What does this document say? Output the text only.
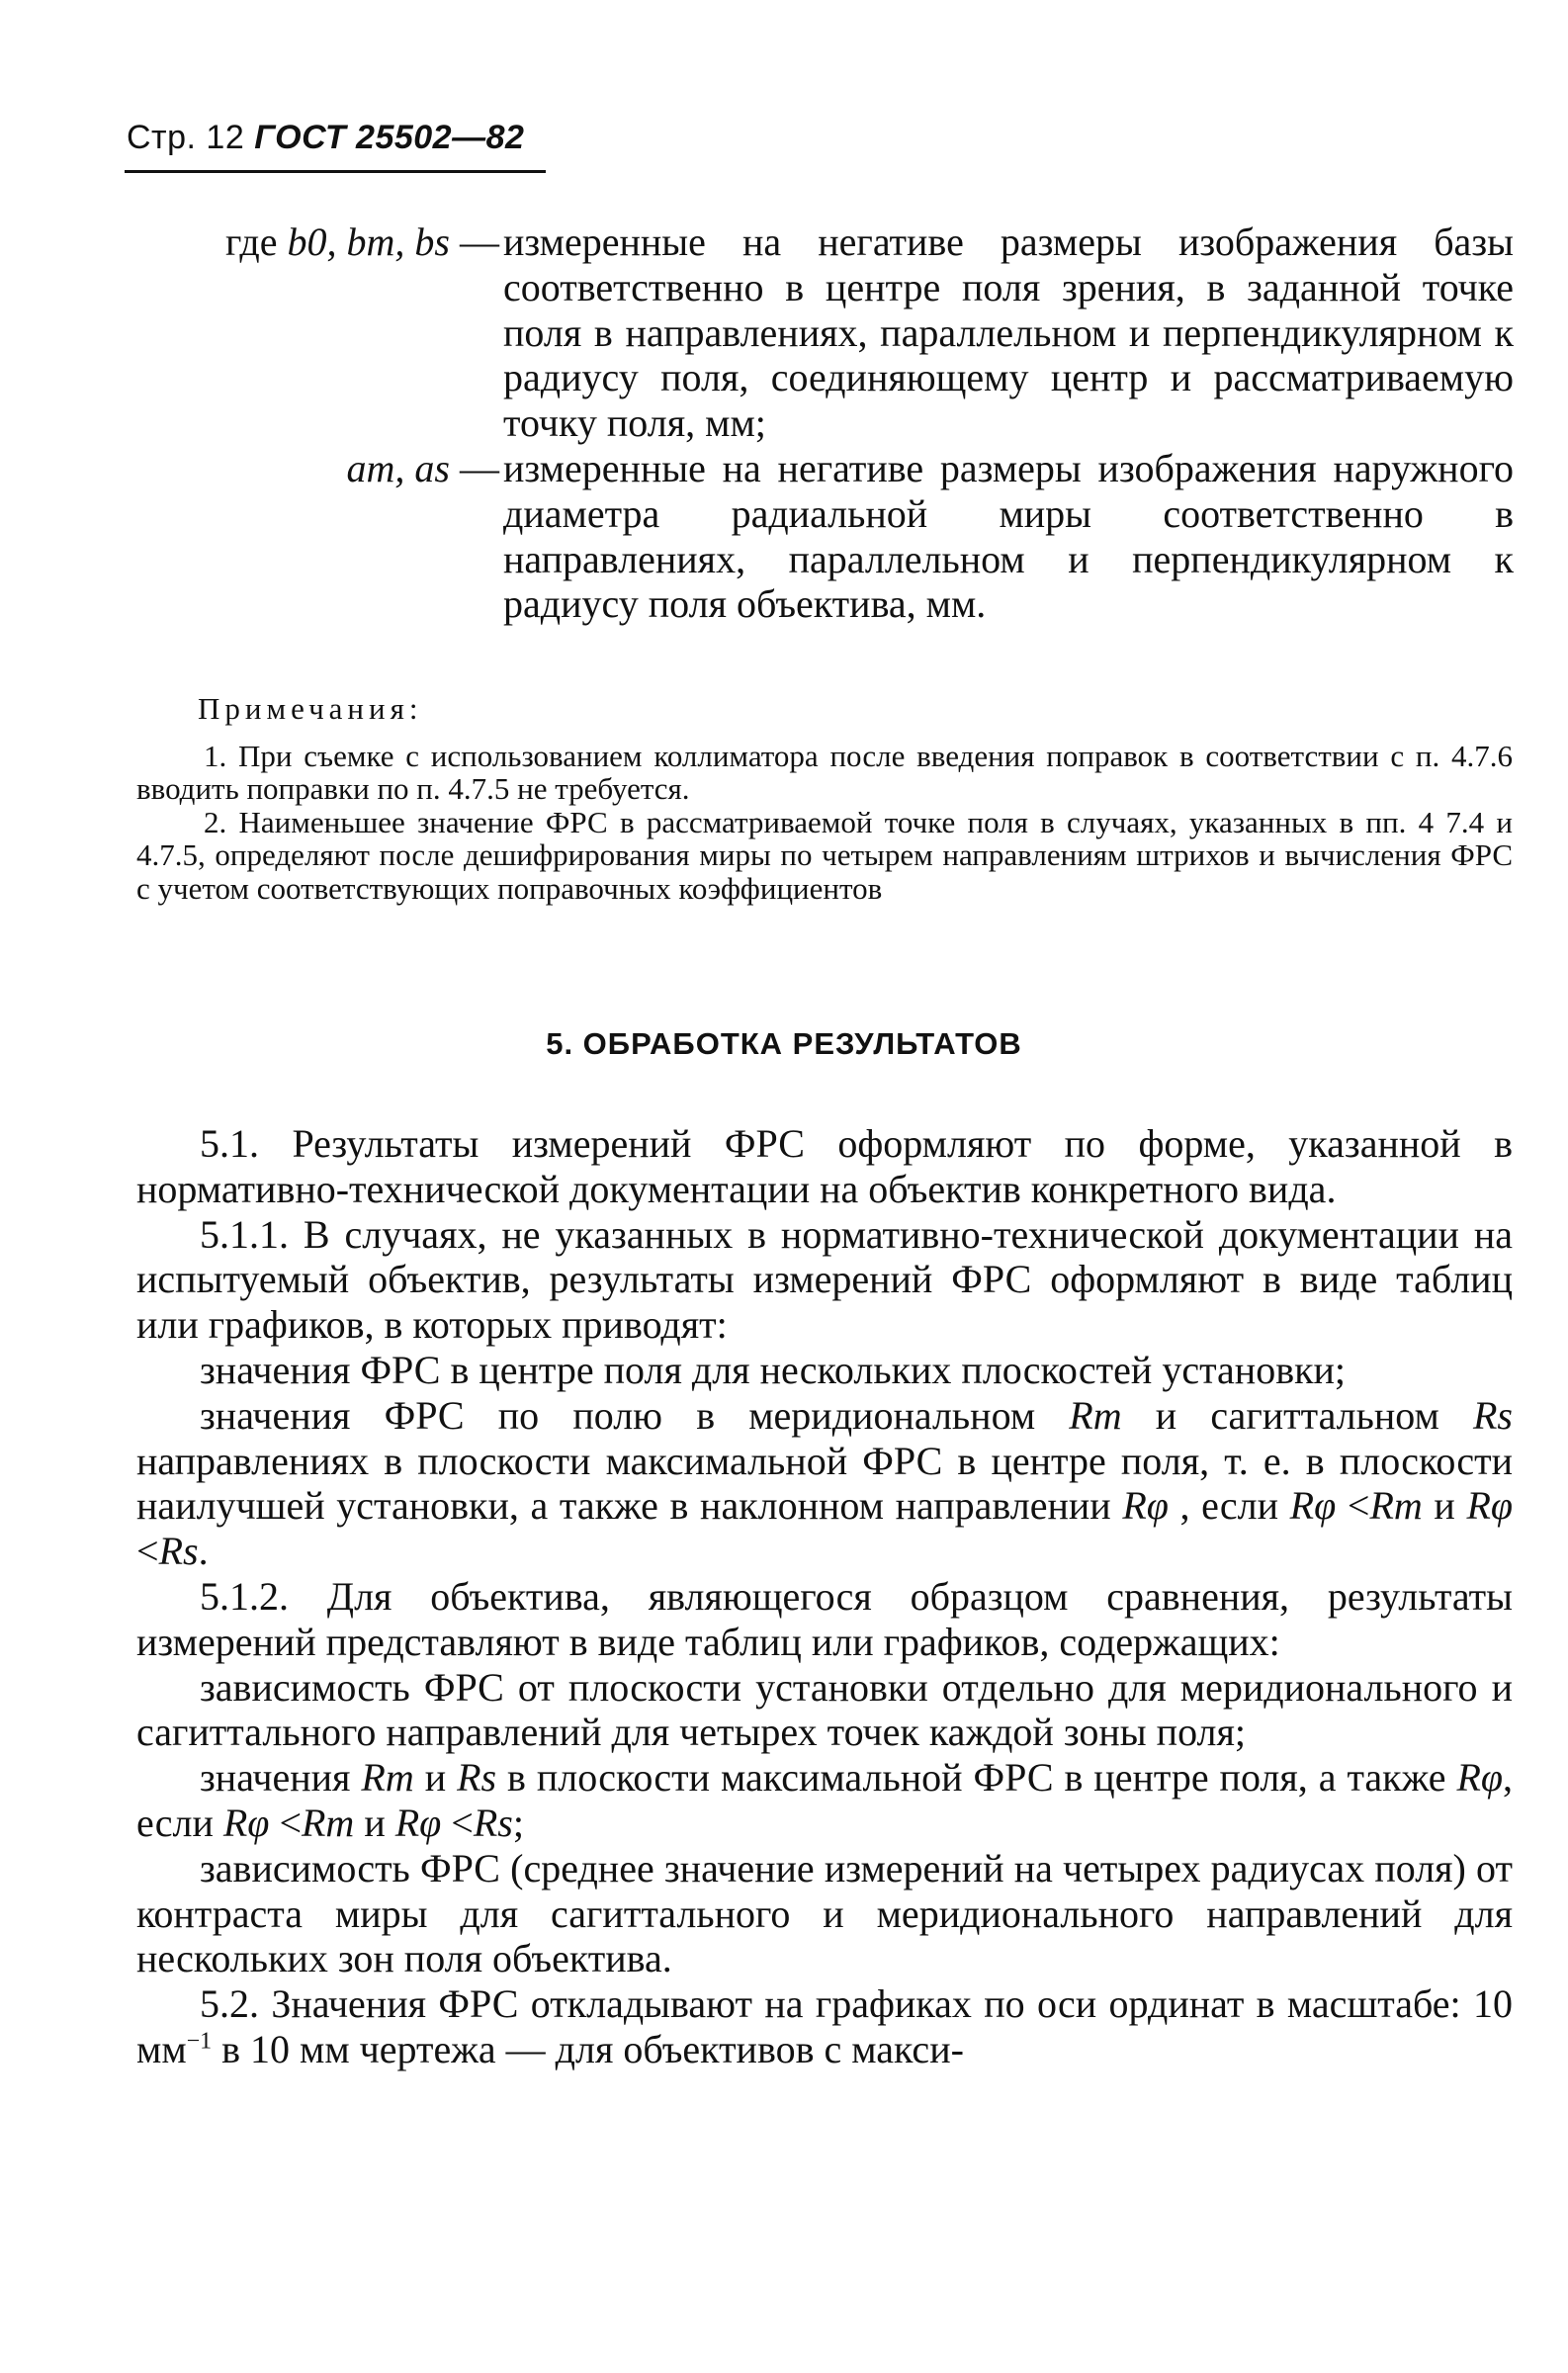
Стр. 12 ГОСТ 25502—82
где b0, bm, bs — измеренные на негативе размеры изображения базы соответственно в центре поля зрения, в заданной точке поля в направлениях, параллельном и перпендикулярном к радиусу поля, соединяющему центр и рассматриваемую точку поля, мм;
am, as — измеренные на негативе размеры изображения наружного диаметра радиальной миры соответственно в направлениях, параллельном и перпендикулярном к радиусу поля объектива, мм.
Примечания:
1. При съемке с использованием коллиматора после введения поправок в соответствии с п. 4.7.6 вводить поправки по п. 4.7.5 не требуется.
2. Наименьшее значение ФРС в рассматриваемой точке поля в случаях, указанных в пп. 4 7.4 и 4.7.5, определяют после дешифрирования миры по четырем направлениям штрихов и вычисления ФРС с учетом соответствующих поправочных коэффициентов
5. ОБРАБОТКА РЕЗУЛЬТАТОВ
5.1. Результаты измерений ФРС оформляют по форме, указанной в нормативно-технической документации на объектив конкретного вида.
5.1.1. В случаях, не указанных в нормативно-технической документации на испытуемый объектив, результаты измерений ФРС оформляют в виде таблиц или графиков, в которых приводят:
значения ФРС в центре поля для нескольких плоскостей установки;
значения ФРС по полю в меридиональном Rm и сагиттальном Rs направлениях в плоскости максимальной ФРС в центре поля, т. е. в плоскости наилучшей установки, а также в наклонном направлении Rφ , если Rφ <Rm и Rφ <Rs.
5.1.2. Для объектива, являющегося образцом сравнения, результаты измерений представляют в виде таблиц или графиков, содержащих:
зависимость ФРС от плоскости установки отдельно для меридионального и сагиттального направлений для четырех точек каждой зоны поля;
значения Rm и Rs в плоскости максимальной ФРС в центре поля, а также Rφ, если Rφ <Rm и Rφ <Rs;
зависимость ФРС (среднее значение измерений на четырех радиусах поля) от контраста миры для сагиттального и меридионального направлений для нескольких зон поля объектива.
5.2. Значения ФРС откладывают на графиках по оси ординат в масштабе: 10 $мм^{-1}$ в 10 мм чертежа — для объективов с макси-
